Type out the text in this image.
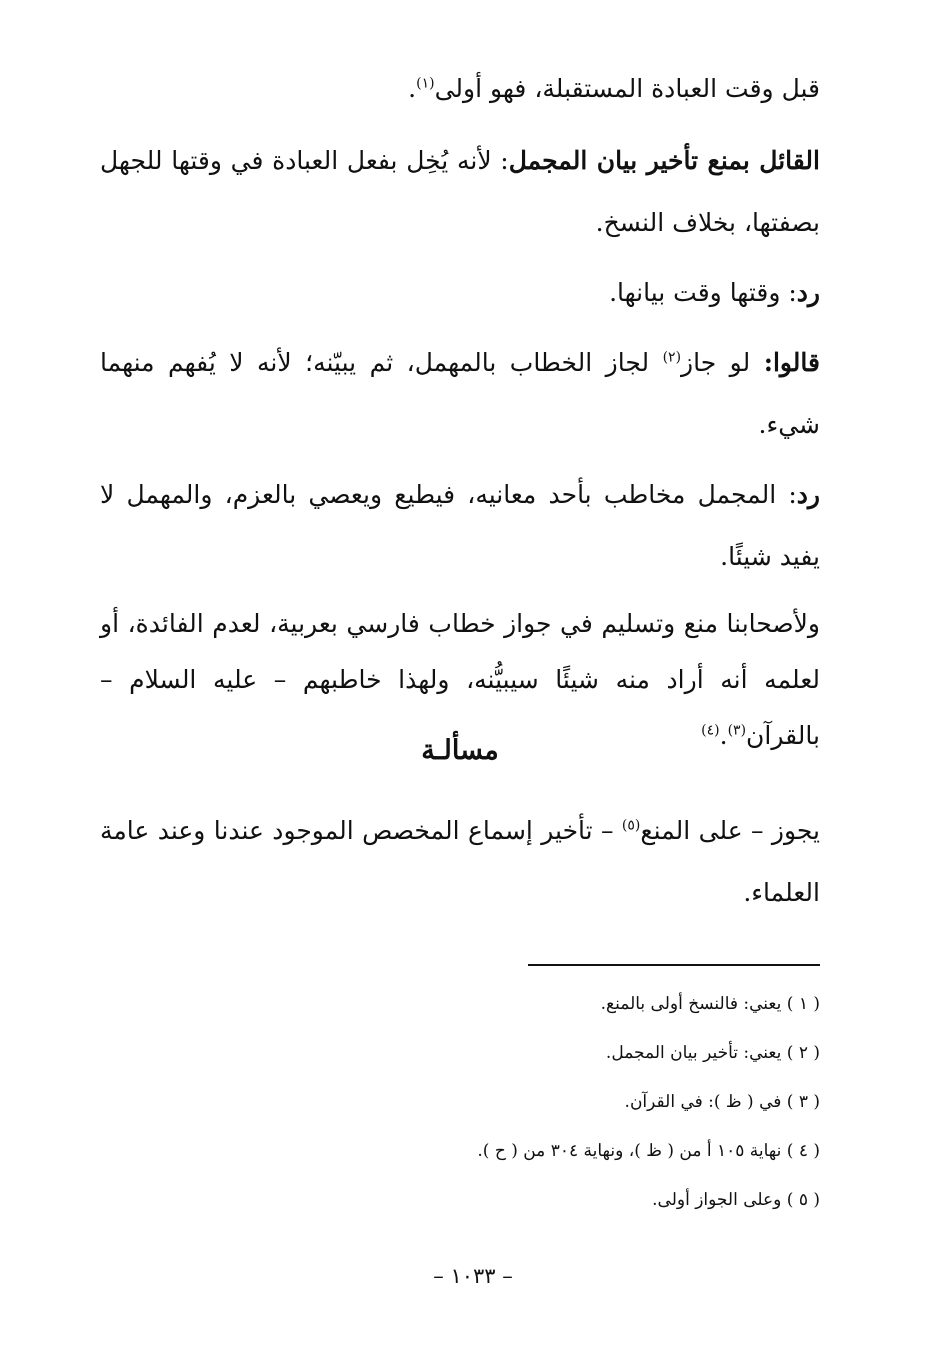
قبل وقت العبادة المستقبلة، فهو أولى$^{(١)}$.

القائل بمنع تأخير بيان المجمل: لأنه يُخِل بفعل العبادة في وقتها للجهل بصفتها، بخلاف النسخ.

رد: وقتها وقت بيانها.

قالوا: لو جاز$^{(٢)}$ لجاز الخطاب بالمهمل، ثم يبيّنه؛ لأنه لا يُفهم منهما شيء.

رد: المجمل مخاطب بأحد معانيه، فيطيع ويعصي بالعزم، والمهمل لا يفيد شيئًا.

ولأصحابنا منع وتسليم في جواز خطاب فارسي بعربية، لعدم الفائدة، أو لعلمه أنه أراد منه شيئًا سيبيُّنه، ولهذا خاطبهم – عليه السلام – بالقرآن$^{(٣)}$.$^{(٤)}$

مسألـة

يجوز – على المنع$^{(٥)}$ – تأخير إسماع المخصص الموجود عندنا وعند عامة العلماء.

( ١ ) يعني: فالنسخ أولى بالمنع.

( ٢ ) يعني: تأخير بيان المجمل.

( ٣ ) في ( ظ ): في القرآن.

( ٤ ) نهاية ١٠٥ أ من ( ظ )، ونهاية ٣٠٤ من ( ح ).

( ٥ ) وعلى الجواز أولى.

– ١٠٣٣ –
